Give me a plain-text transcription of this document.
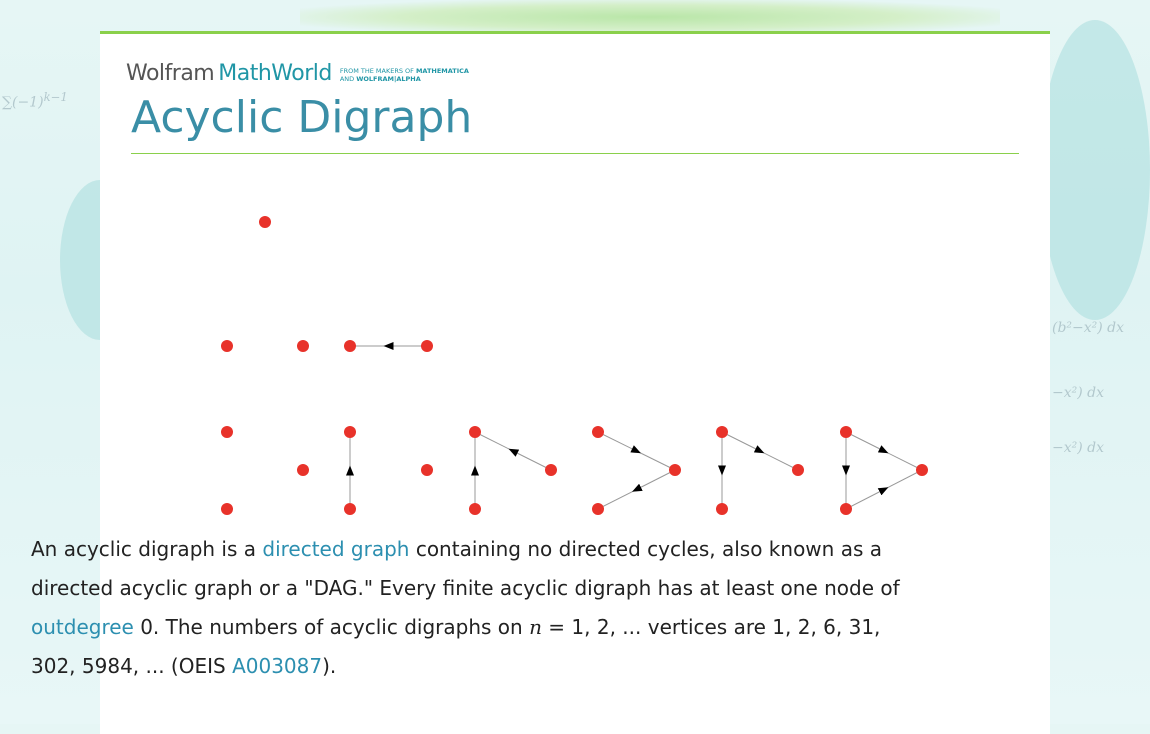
$\sum(-1)^{k-1}$
(b²−x²) dx
−x²) dx
−x²) dx
Wolfram MathWorld FROM THE MAKERS OF MATHEMATICA
AND WOLFRAM|ALPHA
Acyclic Digraph
An acyclic digraph is a directed graph containing no directed cycles, also known as a directed acyclic graph or a "DAG." Every finite acyclic digraph has at least one node of outdegree 0. The numbers of acyclic digraphs on n = 1, 2, ... vertices are 1, 2, 6, 31, 302, 5984, ... (OEIS A003087).
